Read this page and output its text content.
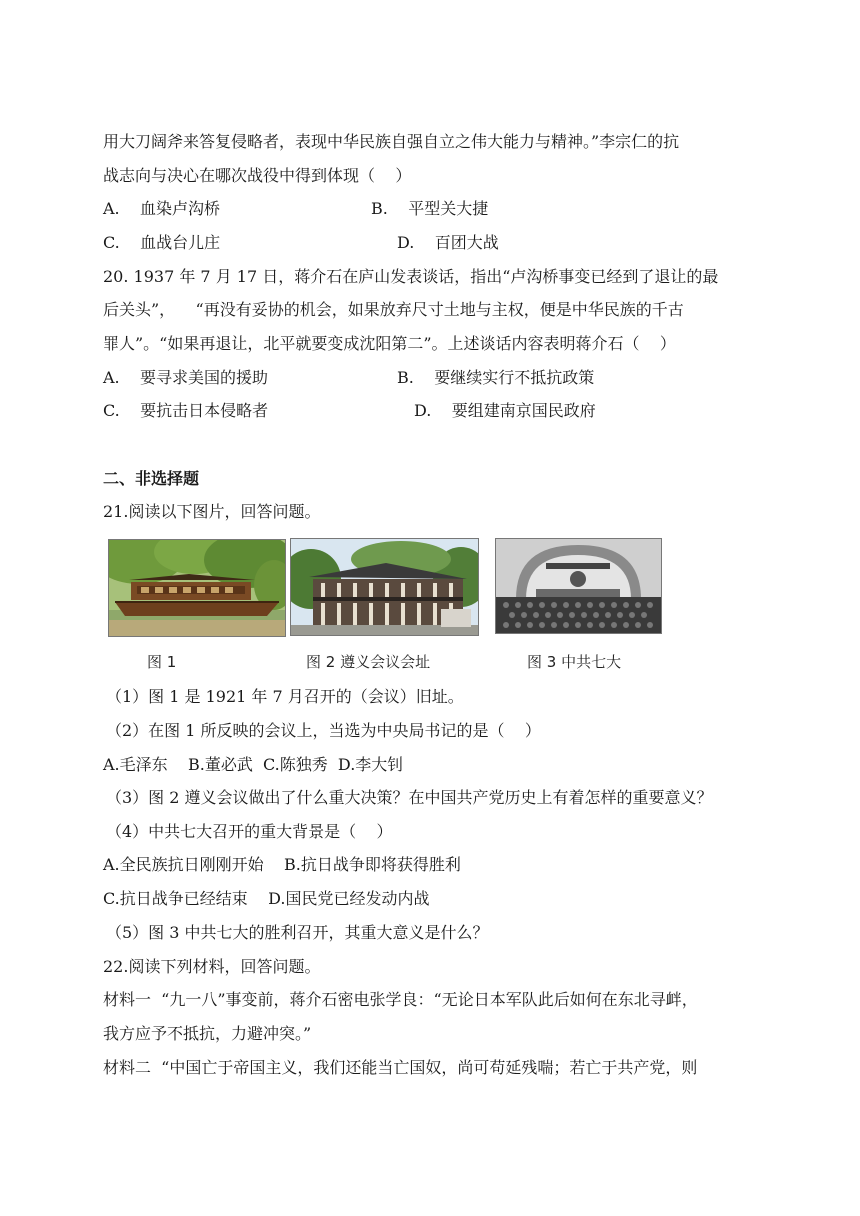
用大刀阔斧来答复侵略者，表现中华民族自强自立之伟大能力与精神。”李宗仁的抗
战志向与决心在哪次战役中得到体现（    ）
A.    血染卢沟桥	B.    平型关大捷
C.    血战台儿庄	D.    百团大战
20. 1937 年 7 月 17 日，蒋介石在庐山发表谈话，指出“卢沟桥事变已经到了退让的最
后关头”，    “再没有妥协的机会，如果放弃尺寸土地与主权，便是中华民族的千古
罪人”。“如果再退让，北平就要变成沈阳第二”。上述谈话内容表明蒋介石（    ）
A.    要寻求美国的援助	B.    要继续实行不抵抗政策
C.    要抗击日本侵略者	D.    要组建南京国民政府
二、非选择题
21.阅读以下图片，回答问题。
图 1	图 2 遵义会议会址	图 3 中共七大
（1）图 1 是 1921 年 7 月召开的（会议）旧址。
（2）在图 1 所反映的会议上，当选为中央局书记的是（    ）
A.毛泽东    B.董必武  C.陈独秀  D.李大钊
（3）图 2 遵义会议做出了什么重大决策？在中国共产党历史上有着怎样的重要意义？
（4）中共七大召开的重大背景是（    ）
A.全民族抗日刚刚开始    B.抗日战争即将获得胜利
C.抗日战争已经结束    D.国民党已经发动内战
（5）图 3 中共七大的胜利召开，其重大意义是什么？
22.阅读下列材料，回答问题。
材料一  “九一八”事变前，蒋介石密电张学良：“无论日本军队此后如何在东北寻衅，
我方应予不抵抗，力避冲突。”
材料二  “中国亡于帝国主义，我们还能当亡国奴，尚可苟延残喘；若亡于共产党，则
